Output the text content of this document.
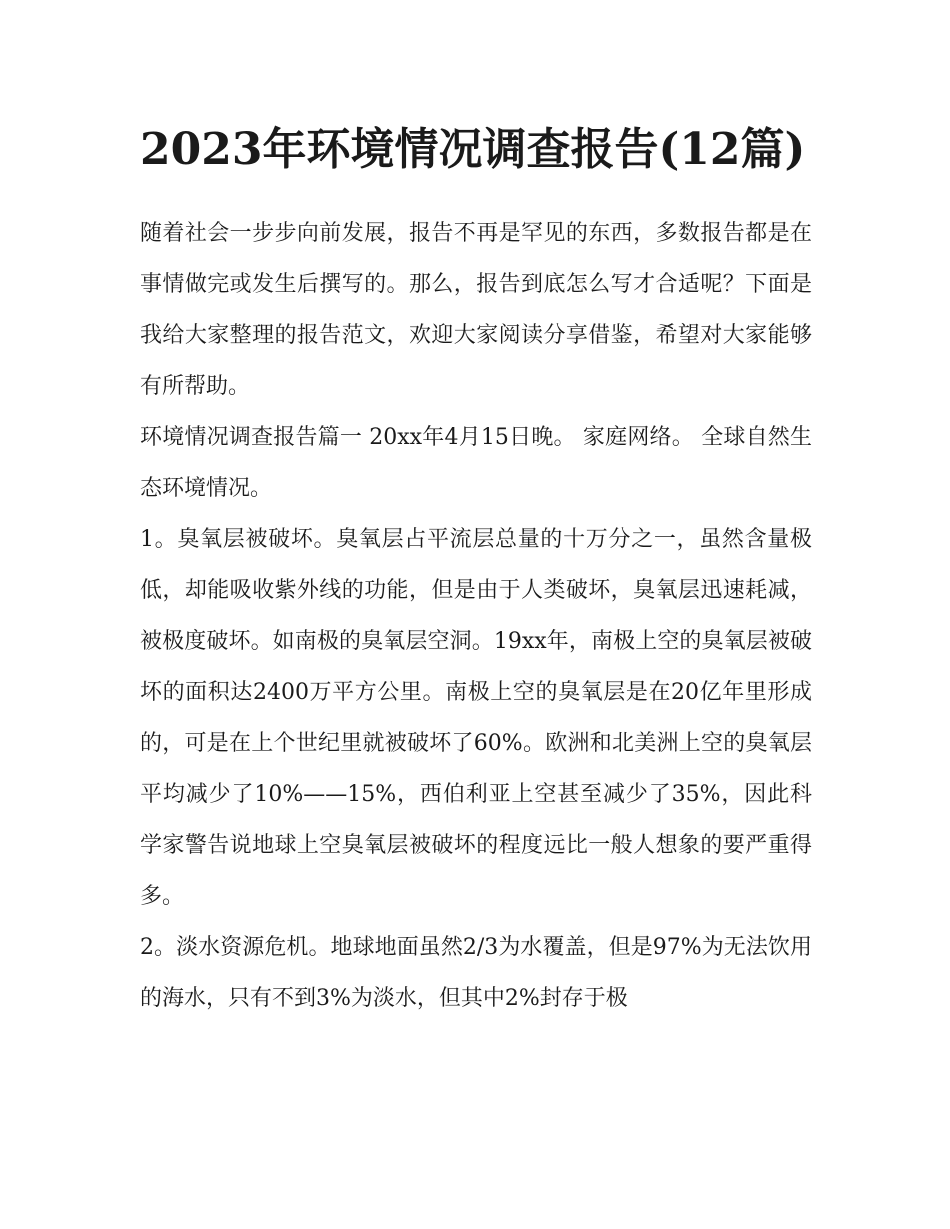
2023年环境情况调查报告(12篇)

随着社会一步步向前发展，报告不再是罕见的东西，多数报告都是在事情做完或发生后撰写的。那么，报告到底怎么写才合适呢？下面是我给大家整理的报告范文，欢迎大家阅读分享借鉴，希望对大家能够有所帮助。

环境情况调查报告篇一 20xx年4月15日晚。 家庭网络。 全球自然生态环境情况。

1。臭氧层被破坏。臭氧层占平流层总量的十万分之一，虽然含量极低，却能吸收紫外线的功能，但是由于人类破坏，臭氧层迅速耗减，被极度破坏。如南极的臭氧层空洞。19xx年，南极上空的臭氧层被破坏的面积达2400万平方公里。南极上空的臭氧层是在20亿年里形成的，可是在上个世纪里就被破坏了60%。欧洲和北美洲上空的臭氧层平均减少了10%——15%，西伯利亚上空甚至减少了35%，因此科学家警告说地球上空臭氧层被破坏的程度远比一般人想象的要严重得多。

2。淡水资源危机。地球地面虽然2/3为水覆盖，但是97%为无法饮用的海水，只有不到3%为淡水，但其中2%封存于极
